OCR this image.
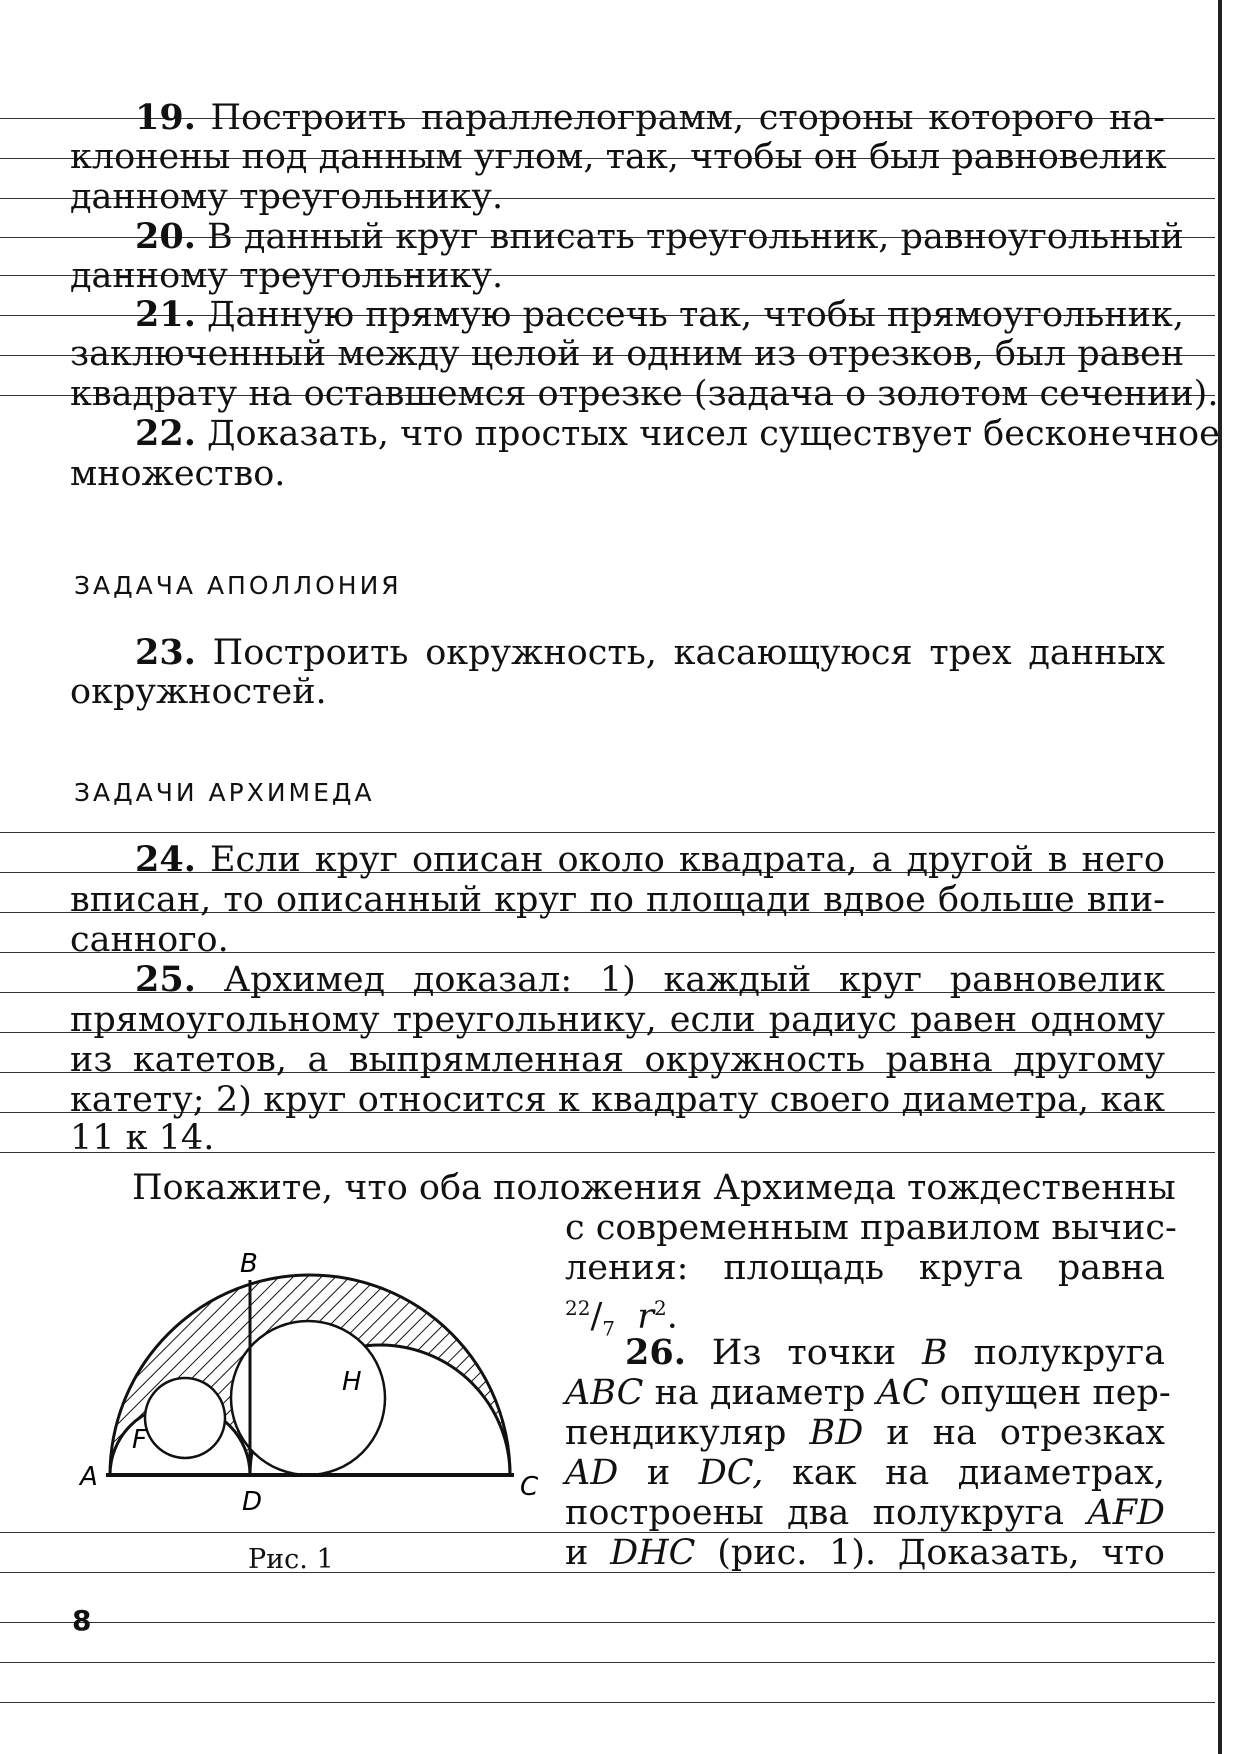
19. Построить параллелограмм, стороны которого на-
клонены под данным углом, так, чтобы он был равновелик
данному треугольнику.
20. В данный круг вписать треугольник, равноугольный
данному треугольнику.
21. Данную прямую рассечь так, чтобы прямоугольник,
заключенный между целой и одним из отрезков, был равен
квадрату на оставшемся отрезке (задача о золотом сечении).
22. Доказать, что простых чисел существует бесконечное
множество.
ЗАДАЧА АПОЛЛОНИЯ
23. Построить окружность, касающуюся трех данных
окружностей.
ЗАДАЧИ АРХИМЕДА
24. Если круг описан около квадрата, а другой в него
вписан, то описанный круг по площади вдвое больше впи-
санного.
25. Архимед доказал: 1) каждый круг равновелик
прямоугольному треугольнику, если радиус равен одному
из катетов, а выпрямленная окружность равна другому
катету; 2) круг относится к квадрату своего диаметра, как
11 к 14.
Покажите, что оба положения Архимеда тождественны
с современным правилом вычис-
ления: площадь круга равна
$^{22}/_7$ $r^2$.
26. Из точки B полукруга
ABC на диаметр AC опущен пер-
пендикуляр BD и на отрезках
AD и DC, как на диаметрах,
построены два полукруга AFD
и DHC (рис. 1). Доказать, что
B
A	C
D
F
H
Рис. 1
8
